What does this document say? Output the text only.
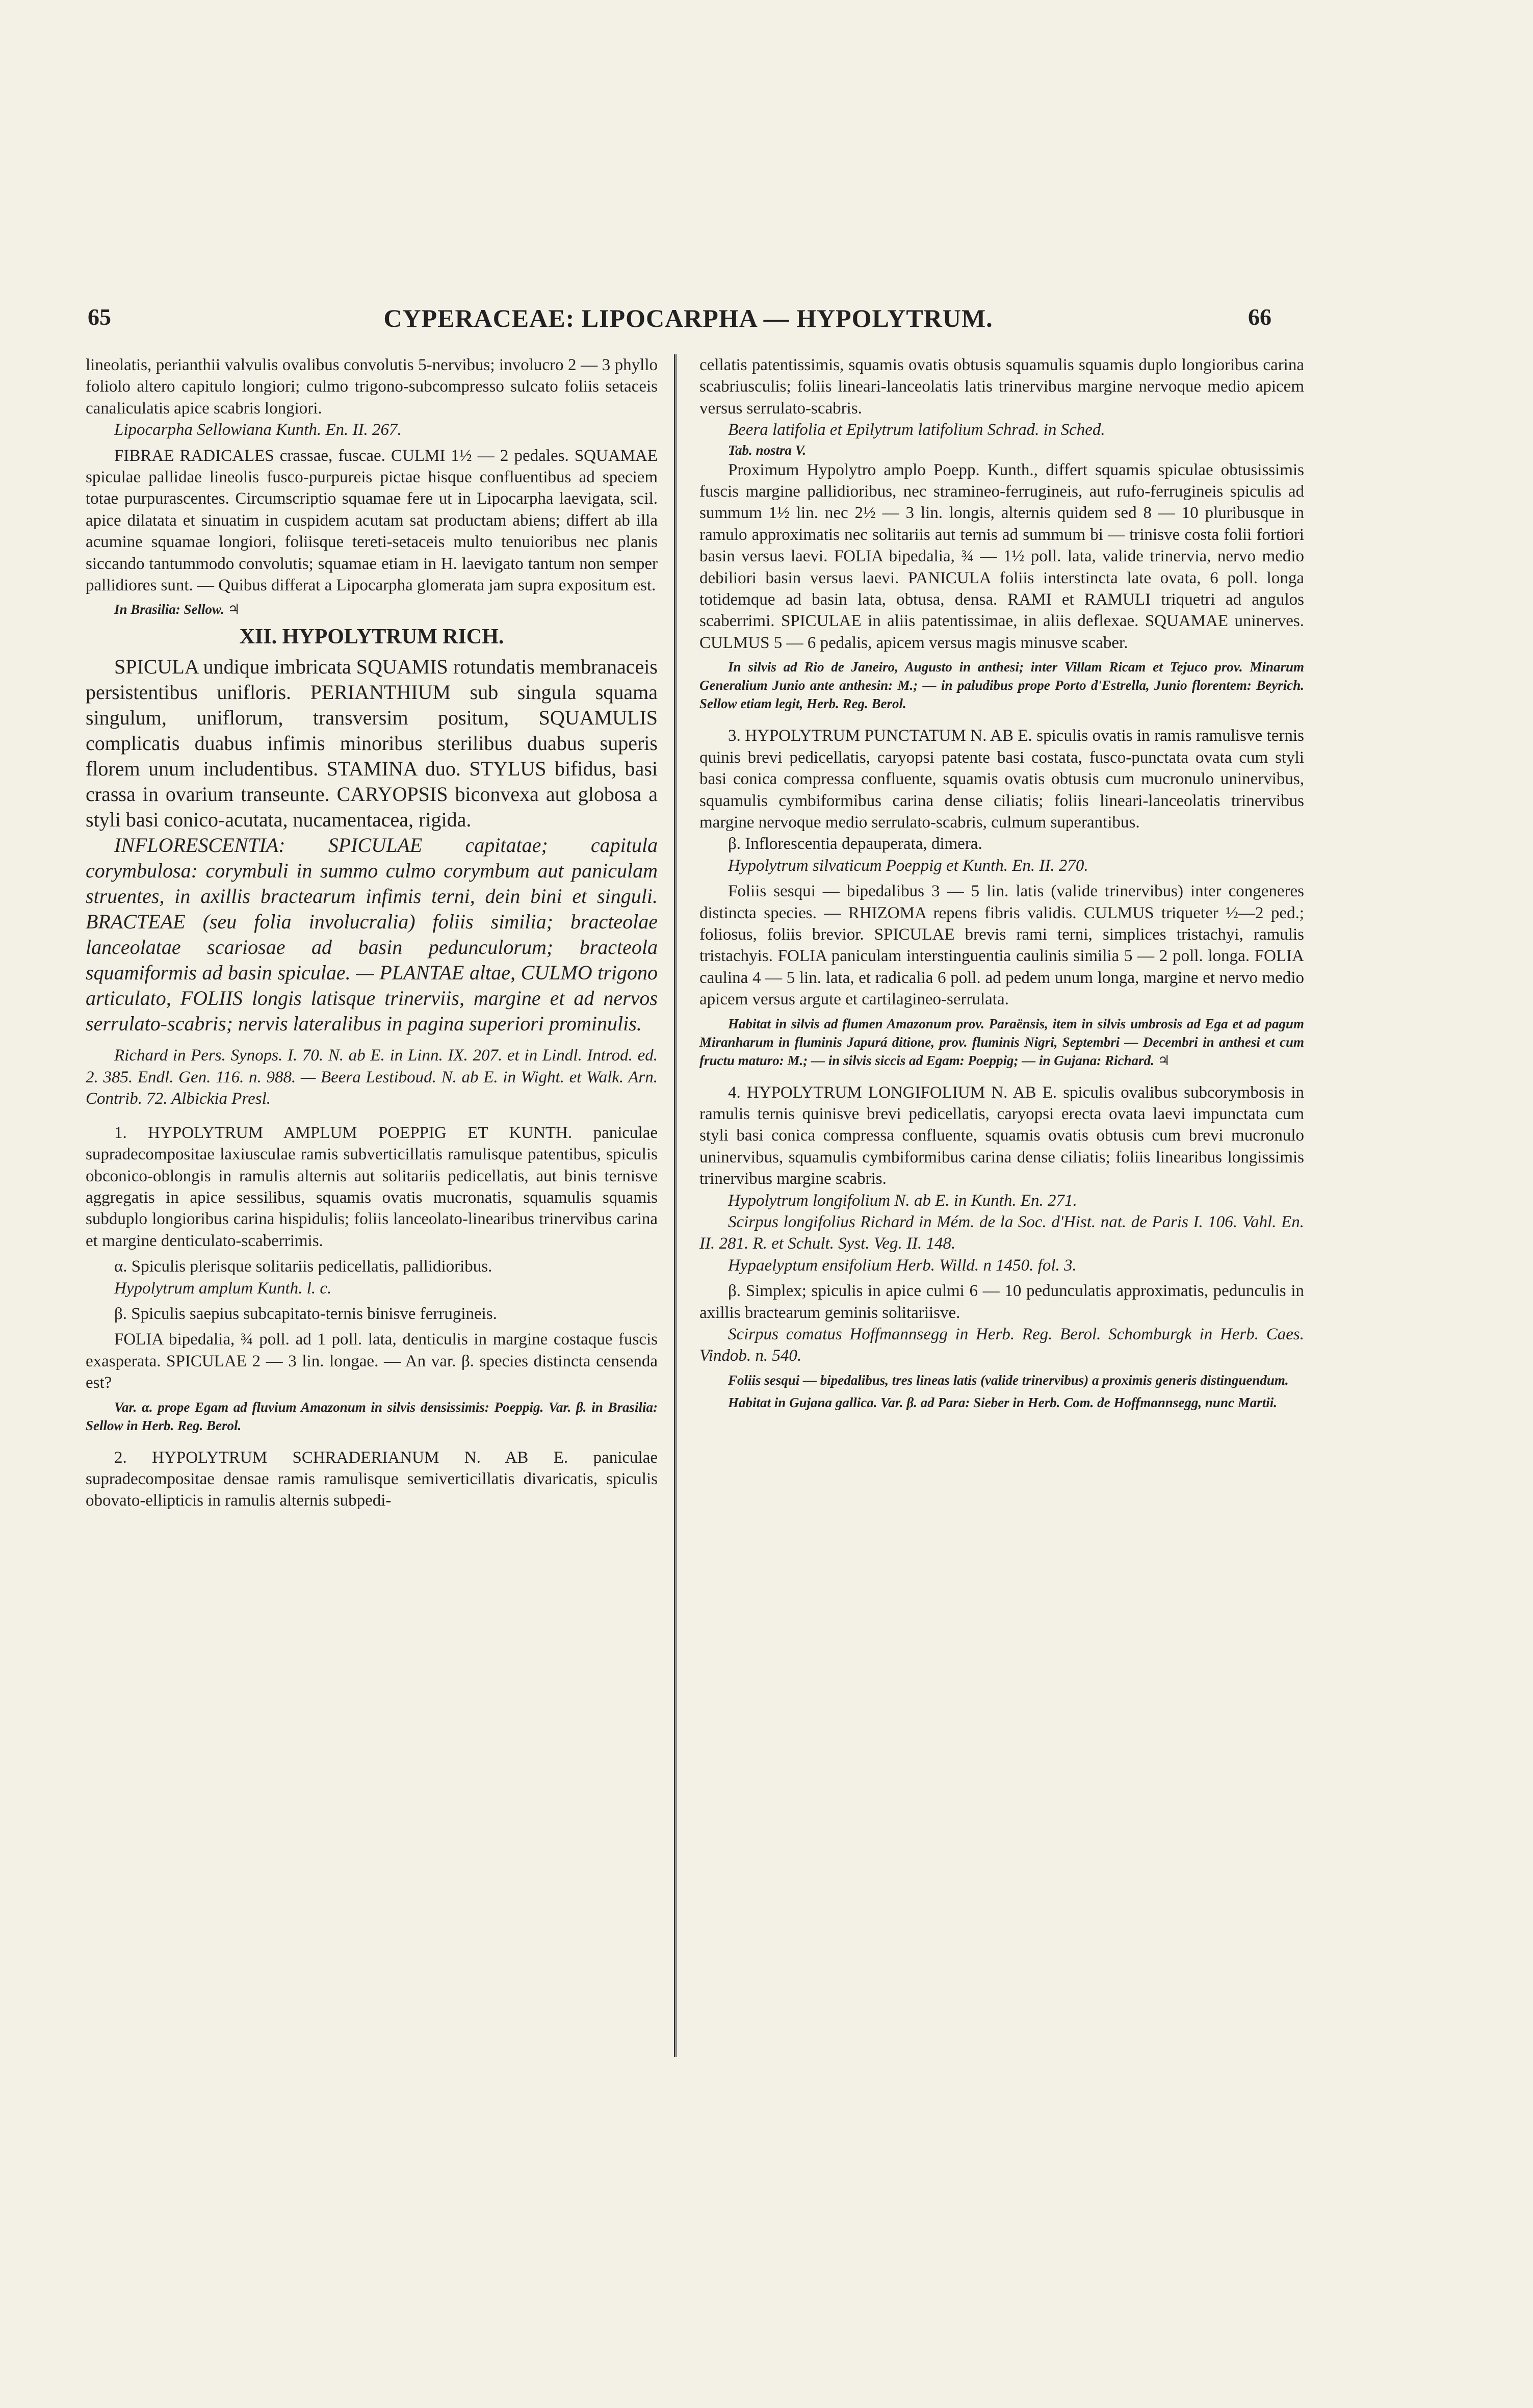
65	CYPERACEAE: LIPOCARPHA — HYPOLYTRUM.	66

lineolatis, perianthii valvulis ovalibus convolutis 5-nervibus; involucro 2 — 3 phyllo foliolo altero capitulo longiori; culmo trigono-subcompresso sulcato foliis setaceis canaliculatis apice scabris longiori.

Lipocarpha Sellowiana Kunth. En. II. 267.

FIBRAE RADICALES crassae, fuscae. CULMI 1½ — 2 pedales. SQUAMAE spiculae pallidae lineolis fusco-purpureis pictae hisque confluentibus ad speciem totae purpurascentes. Circumscriptio squamae fere ut in Lipocarpha laevigata, scil. apice dilatata et sinuatim in cuspidem acutam sat productam abiens; differt ab illa acumine squamae longiori, foliisque tereti-setaceis multo tenuioribus nec planis siccando tantummodo convolutis; squamae etiam in H. laevigato tantum non semper pallidiores sunt. — Quibus differat a Lipocarpha glomerata jam supra expositum est.

In Brasilia: Sellow. ♃

XII. HYPOLYTRUM RICH.

SPICULA undique imbricata SQUAMIS rotundatis membranaceis persistentibus unifloris. PERIANTHIUM sub singula squama singulum, uniflorum, transversim positum, SQUAMULIS complicatis duabus infimis minoribus sterilibus duabus superis florem unum includentibus. STAMINA duo. STYLUS bifidus, basi crassa in ovarium transeunte. CARYOPSIS biconvexa aut globosa a styli basi conico-acutata, nucamentacea, rigida.

INFLORESCENTIA: SPICULAE capitatae; capitula corymbulosa: corymbuli in summo culmo corymbum aut paniculam struentes, in axillis bractearum infimis terni, dein bini et singuli. BRACTEAE (seu folia involucralia) foliis similia; bracteolae lanceolatae scariosae ad basin pedunculorum; bracteola squamiformis ad basin spiculae. — PLANTAE altae, CULMO trigono articulato, FOLIIS longis latisque trinerviis, margine et ad nervos serrulato-scabris; nervis lateralibus in pagina superiori prominulis.

Richard in Pers. Synops. I. 70. N. ab E. in Linn. IX. 207. et in Lindl. Introd. ed. 2. 385. Endl. Gen. 116. n. 988. — Beera Lestiboud. N. ab E. in Wight. et Walk. Arn. Contrib. 72. Albickia Presl.

1. HYPOLYTRUM AMPLUM POEPPIG ET KUNTH. paniculae supradecompositae laxiusculae ramis subverticillatis ramulisque patentibus, spiculis obconico-oblongis in ramulis alternis aut solitariis pedicellatis, aut binis ternisve aggregatis in apice sessilibus, squamis ovatis mucronatis, squamulis squamis subduplo longioribus carina hispidulis; foliis lanceolato-linearibus trinervibus carina et margine denticulato-scaberrimis.

α. Spiculis plerisque solitariis pedicellatis, pallidioribus.

Hypolytrum amplum Kunth. l. c.

β. Spiculis saepius subcapitato-ternis binisve ferrugineis.

FOLIA bipedalia, ¾ poll. ad 1 poll. lata, denticulis in margine costaque fuscis exasperata. SPICULAE 2 — 3 lin. longae. — An var. β. species distincta censenda est?

Var. α. prope Egam ad fluvium Amazonum in silvis densissimis: Poeppig. Var. β. in Brasilia: Sellow in Herb. Reg. Berol.

2. HYPOLYTRUM SCHRADERIANUM N. AB E. paniculae supradecompositae densae ramis ramulisque semiverticillatis divaricatis, spiculis obovato-ellipticis in ramulis alternis subpedi-

cellatis patentissimis, squamis ovatis obtusis squamulis squamis duplo longioribus carina scabriusculis; foliis lineari-lanceolatis latis trinervibus margine nervoque medio apicem versus serrulato-scabris.

Beera latifolia et Epilytrum latifolium Schrad. in Sched.

Tab. nostra V.

Proximum Hypolytro amplo Poepp. Kunth., differt squamis spiculae obtusissimis fuscis margine pallidioribus, nec stramineo-ferrugineis, aut rufo-ferrugineis spiculis ad summum 1½ lin. nec 2½ — 3 lin. longis, alternis quidem sed 8 — 10 pluribusque in ramulo approximatis nec solitariis aut ternis ad summum bi — trinisve costa folii fortiori basin versus laevi. FOLIA bipedalia, ¾ — 1½ poll. lata, valide trinervia, nervo medio debiliori basin versus laevi. PANICULA foliis interstincta late ovata, 6 poll. longa totidemque ad basin lata, obtusa, densa. RAMI et RAMULI triquetri ad angulos scaberrimi. SPICULAE in aliis patentissimae, in aliis deflexae. SQUAMAE uninerves. CULMUS 5 — 6 pedalis, apicem versus magis minusve scaber.

In silvis ad Rio de Janeiro, Augusto in anthesi; inter Villam Ricam et Tejuco prov. Minarum Generalium Junio ante anthesin: M.; — in paludibus prope Porto d'Estrella, Junio florentem: Beyrich. Sellow etiam legit, Herb. Reg. Berol.

3. HYPOLYTRUM PUNCTATUM N. AB E. spiculis ovatis in ramis ramulisve ternis quinis brevi pedicellatis, caryopsi patente basi costata, fusco-punctata ovata cum styli basi conica compressa confluente, squamis ovatis obtusis cum mucronulo uninervibus, squamulis cymbiformibus carina dense ciliatis; foliis lineari-lanceolatis trinervibus margine nervoque medio serrulato-scabris, culmum superantibus.

β. Inflorescentia depauperata, dimera.

Hypolytrum silvaticum Poeppig et Kunth. En. II. 270.

Foliis sesqui — bipedalibus 3 — 5 lin. latis (valide trinervibus) inter congeneres distincta species. — RHIZOMA repens fibris validis. CULMUS triqueter ½—2 ped.; foliosus, foliis brevior. SPICULAE brevis rami terni, simplices tristachyi, ramulis tristachyis. FOLIA paniculam interstinguentia caulinis similia 5 — 2 poll. longa. FOLIA caulina 4 — 5 lin. lata, et radicalia 6 poll. ad pedem unum longa, margine et nervo medio apicem versus argute et cartilagineo-serrulata.

Habitat in silvis ad flumen Amazonum prov. Paraënsis, item in silvis umbrosis ad Ega et ad pagum Miranharum in fluminis Japurá ditione, prov. fluminis Nigri, Septembri — Decembri in anthesi et cum fructu maturo: M.; — in silvis siccis ad Egam: Poeppig; — in Gujana: Richard. ♃

4. HYPOLYTRUM LONGIFOLIUM N. AB E. spiculis ovalibus subcorymbosis in ramulis ternis quinisve brevi pedicellatis, caryopsi erecta ovata laevi impunctata cum styli basi conica compressa confluente, squamis ovatis obtusis cum brevi mucronulo uninervibus, squamulis cymbiformibus carina dense ciliatis; foliis linearibus longissimis trinervibus margine scabris.

Hypolytrum longifolium N. ab E. in Kunth. En. 271.

Scirpus longifolius Richard in Mém. de la Soc. d'Hist. nat. de Paris I. 106. Vahl. En. II. 281. R. et Schult. Syst. Veg. II. 148.

Hypaelyptum ensifolium Herb. Willd. n 1450. fol. 3.

β. Simplex; spiculis in apice culmi 6 — 10 pedunculatis approximatis, pedunculis in axillis bractearum geminis solitariisve.

Scirpus comatus Hoffmannsegg in Herb. Reg. Berol. Schomburgk in Herb. Caes. Vindob. n. 540.

Foliis sesqui — bipedalibus, tres lineas latis (valide trinervibus) a proximis generis distinguendum.

Habitat in Gujana gallica. Var. β. ad Para: Sieber in Herb. Com. de Hoffmannsegg, nunc Martii.
